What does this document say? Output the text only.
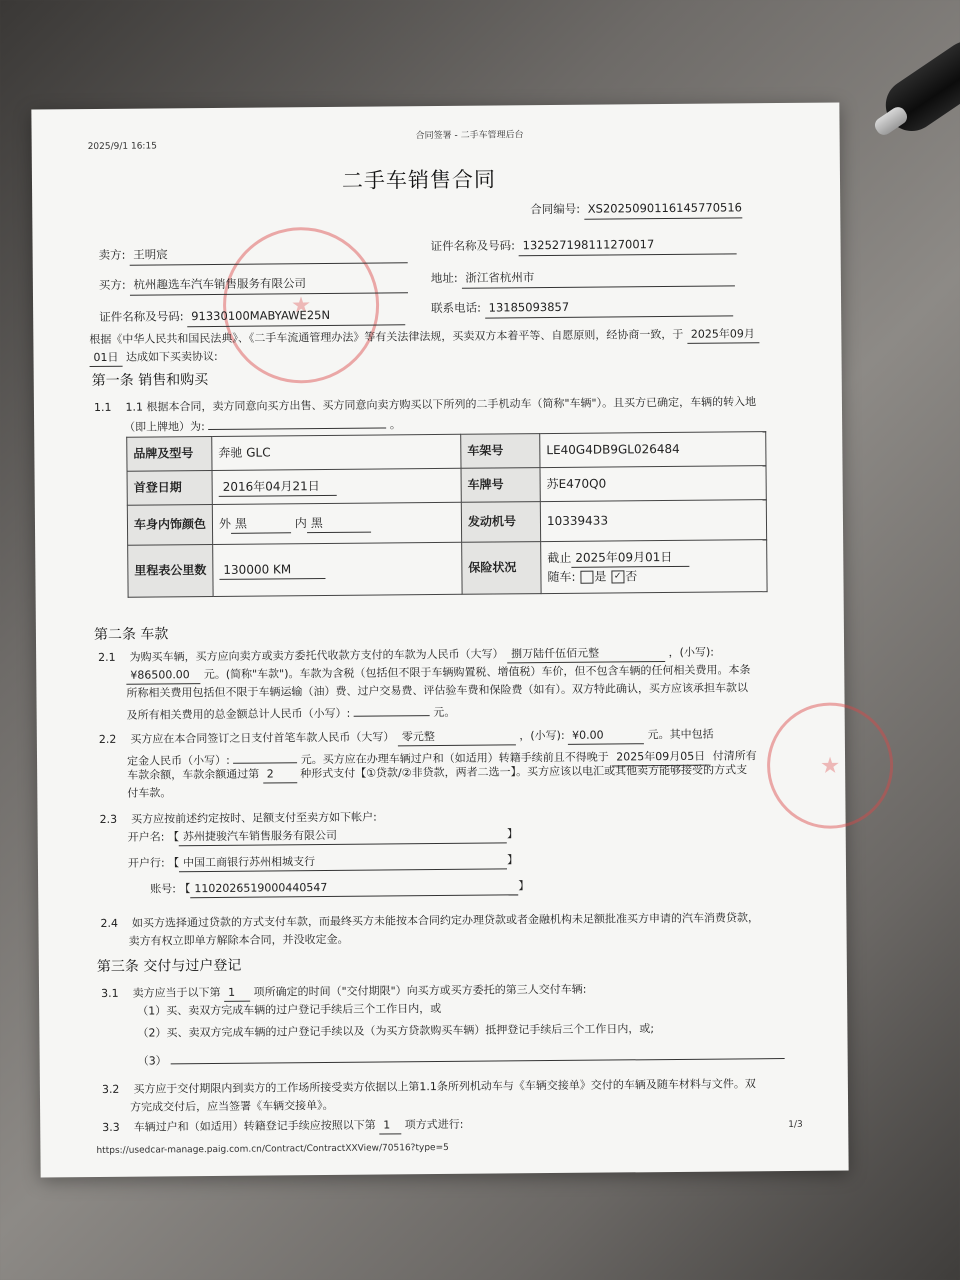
2025/9/1 16:15
合同签署 - 二手车管理后台
二手车销售合同
合同编号: XS2025090116145770516
卖方: 王明宸
证件名称及号码: 132527198111270017
买方: 杭州趣选车汽车销售服务有限公司	地址: 浙江省杭州市
证件名称及号码: 91330100MABYAWE25N
联系电话: 13185093857
根据《中华人民共和国民法典》、《二手车流通管理办法》等有关法律法规，买卖双方本着平等、自愿原则，经协商一致，于 2025年09月
01日 达成如下买卖协议:
第一条 销售和购买
1.1 1.1 根据本合同，卖方同意向买方出售、买方同意向卖方购买以下所列的二手机动车（简称"车辆"）。且买方已确定，车辆的转入地
（即上牌地）为:	。
品牌及型号	奔驰 GLC	车架号	LE40G4DB9GL026484
首登日期	2016年04月21日	车牌号	苏E470Q0
车身内饰颜色	外 黑 内 黑	发动机号	10339433
里程表公里数	130000 KM	保险状况	截止 2025年09月01日
随车: 是 ✓ 否
第二条 车款
2.1 为购买车辆，买方应向卖方或卖方委托代收款方支付的车款为人民币（大写） 捌万陆仟伍佰元整	，(小写):
¥86500.00 元。(简称"车款")。车款为含税（包括但不限于车辆购置税、增值税）车价，但不包含车辆的任何相关费用。本条
所称相关费用包括但不限于车辆运输（油）费、过户交易费、评估验车费和保险费（如有）。双方特此确认，买方应该承担车款以
及所有相关费用的总金额总计人民币（小写）:	元。
2.2 买方应在本合同签订之日支付首笔车款人民币（大写） 零元整	，(小写): ¥0.00	元。其中包括
定金人民币（小写）:	元。买方应在办理车辆过户和（如适用）转籍手续前且不得晚于 2025年09月05日 付清所有
车款余额，车款余额通过第 2 种形式支付【①贷款/②非贷款，两者二选一】。买方应该以电汇或其他卖方能够接受的方式支
付车款。
2.3 买方应按前述约定按时、足额支付至卖方如下帐户:
开户名: 【 苏州捷骏汽车销售服务有限公司	】
开户行: 【 中国工商银行苏州相城支行	】
账号: 【 1102026519000440547	】
2.4 如买方选择通过贷款的方式支付车款，而最终买方未能按本合同约定办理贷款或者金融机构未足额批准买方申请的汽车消费贷款，
卖方有权立即单方解除本合同，并没收定金。
第三条 交付与过户登记
3.1 卖方应当于以下第 1 项所确定的时间（"交付期限"）向买方或买方委托的第三人交付车辆:
（1）买、卖双方完成车辆的过户登记手续后三个工作日内，或
（2）买、卖双方完成车辆的过户登记手续以及（为买方贷款购买车辆）抵押登记手续后三个工作日内，或;
（3）
3.2 买方应于交付期限内到卖方的工作场所接受卖方依据以上第1.1条所列机动车与《车辆交接单》交付的车辆及随车材料与文件。双
方完成交付后，应当签署《车辆交接单》。
3.3 车辆过户和（如适用）转籍登记手续应按照以下第 1 项方式进行:
https://usedcar-manage.paig.com.cn/Contract/ContractXXView/70516?type=5
1/3
